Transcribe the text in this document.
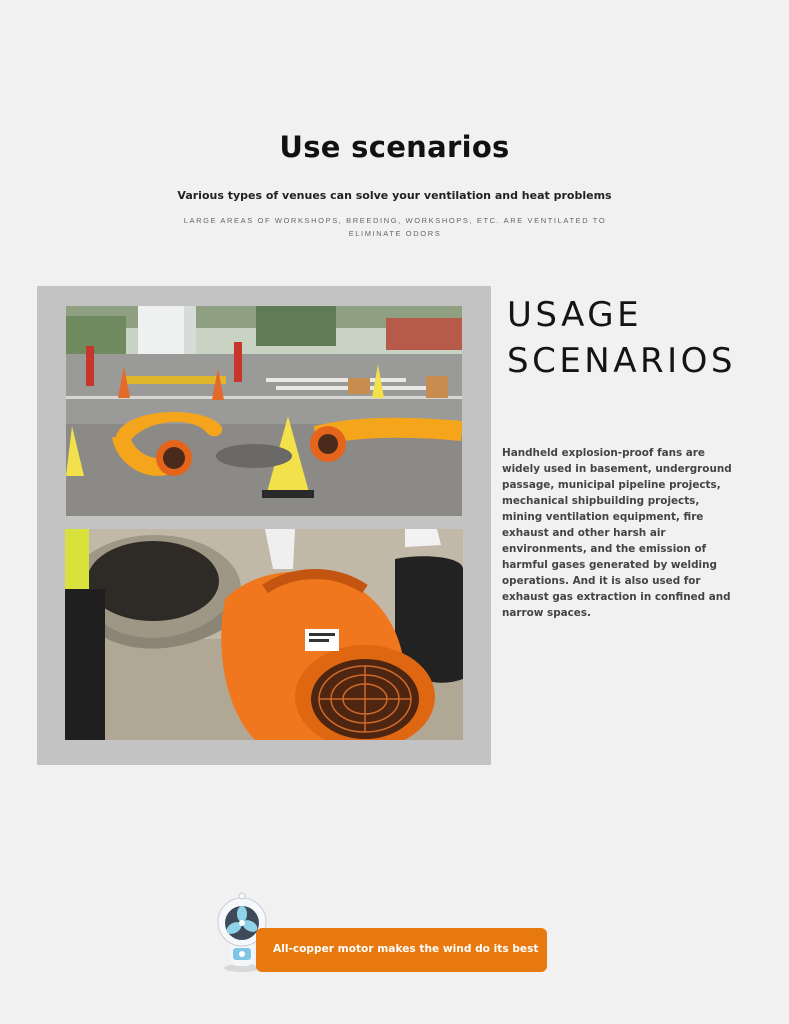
Use scenarios
Various types of venues can solve your ventilation and heat problems
LARGE AREAS OF WORKSHOPS, BREEDING, WORKSHOPS, ETC. ARE VENTILATED TO ELIMINATE ODORS
USAGE
SCENARIOS
Handheld explosion-proof fans are widely used in basement, underground passage, municipal pipeline projects, mechanical shipbuilding projects, mining ventilation equipment, fire exhaust and other harsh air environments, and the emission of harmful gases generated by welding operations. And it is also used for exhaust gas extraction in confined and narrow spaces.
All-copper motor makes the wind do its best
